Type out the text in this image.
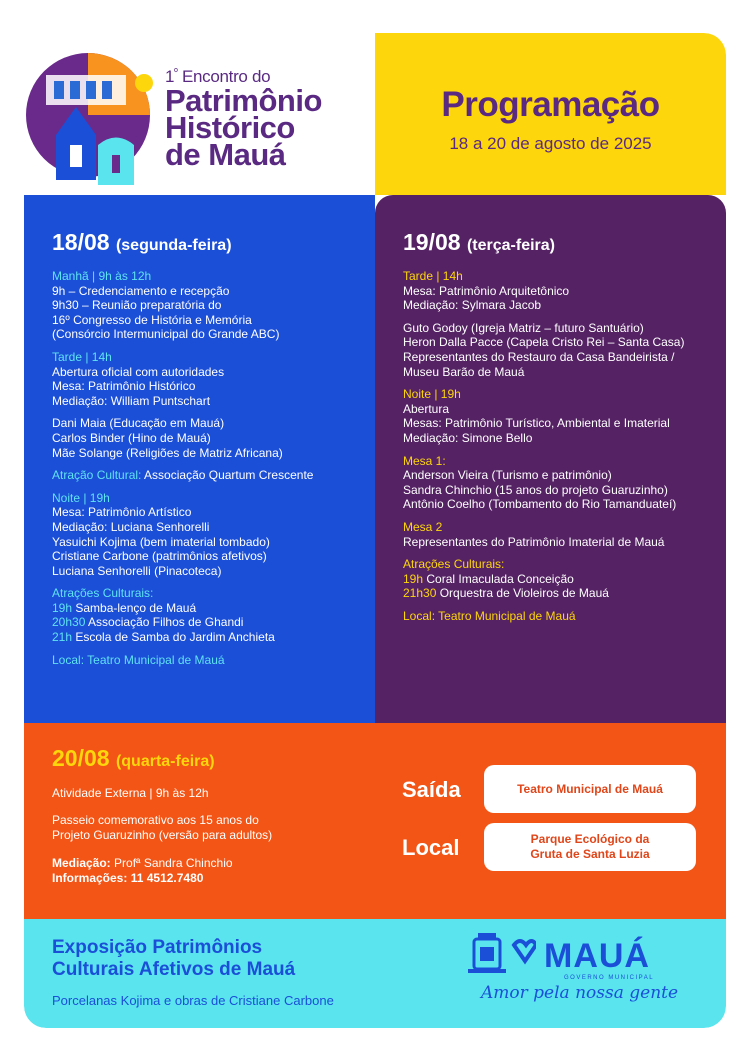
$1^º$ Encontro do
Patrimônio
Histórico
de Mauá
Programação
18 a 20 de agosto de 2025
18/08 (segunda-feira)
Manhã | 9h às 12h
9h – Credenciamento e recepção
9h30 – Reunião preparatória do
16º Congresso de História e Memória
(Consórcio Intermunicipal do Grande ABC)
Tarde | 14h
Abertura oficial com autoridades
Mesa: Patrimônio Histórico
Mediação: William Puntschart
Dani Maia (Educação em Mauá)
Carlos Binder (Hino de Mauá)
Mãe Solange (Religiões de Matriz Africana)
Atração Cultural: Associação Quartum Crescente
Noite | 19h
Mesa: Patrimônio Artístico
Mediação: Luciana Senhorelli
Yasuichi Kojima (bem imaterial tombado)
Cristiane Carbone (patrimônios afetivos)
Luciana Senhorelli (Pinacoteca)
Atrações Culturais:
19h Samba-lenço de Mauá
20h30 Associação Filhos de Ghandi
21h Escola de Samba do Jardim Anchieta
Local: Teatro Municipal de Mauá
19/08 (terça-feira)
Tarde | 14h
Mesa: Patrimônio Arquitetônico
Mediação: Sylmara Jacob
Guto Godoy (Igreja Matriz – futuro Santuário)
Heron Dalla Pacce (Capela Cristo Rei – Santa Casa)
Representantes do Restauro da Casa Bandeirista /
Museu Barão de Mauá
Noite | 19h
Abertura
Mesas: Patrimônio Turístico, Ambiental e Imaterial
Mediação: Simone Bello
Mesa 1:
Anderson Vieira (Turismo e patrimônio)
Sandra Chinchio (15 anos do projeto Guaruzinho)
Antônio Coelho (Tombamento do Rio Tamanduateí)
Mesa 2
Representantes do Patrimônio Imaterial de Mauá
Atrações Culturais:
19h Coral Imaculada Conceição
21h30 Orquestra de Violeiros de Mauá
Local: Teatro Municipal de Mauá
20/08 (quarta-feira)
Atividade Externa | 9h às 12h
Passeio comemorativo aos 15 anos do
Projeto Guaruzinho (versão para adultos)
Mediação: Profª Sandra Chinchio
Informações: 11 4512.7480
Saída	Teatro Municipal de Mauá
Local	Parque Ecológico da
Gruta de Santa Luzia
Exposição Patrimônios
Culturais Afetivos de Mauá
Porcelanas Kojima e obras de Cristiane Carbone
MAUÁ
GOVERNO MUNICIPAL
Amor pela nossa gente
